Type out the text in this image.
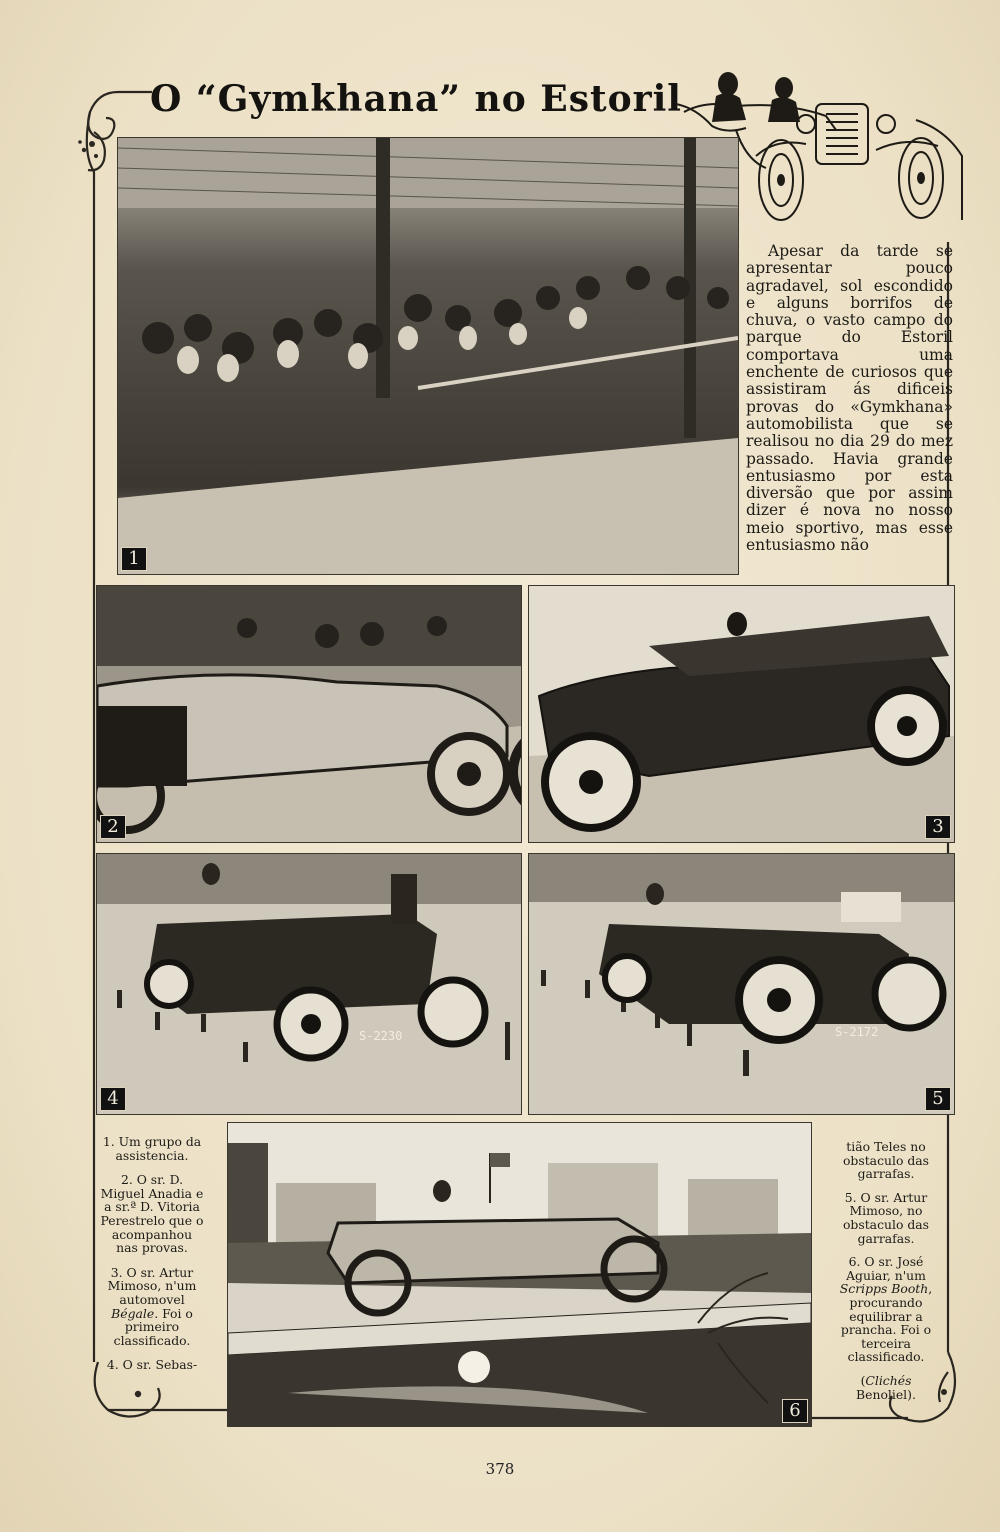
O “Gymkhana” no Estoril
1
Apesar da tarde se apresentar pouco agradavel, sol escondido e alguns borrifos de chuva, o vasto campo do parque do Estoril comportava uma enchente de curiosos que assistiram ás dificeis provas do «Gymkhana» automobilista que se realisou no dia 29 do mez passado. Havia grande entusiasmo por esta diversão que por assim dizer é nova no nosso meio sportivo, mas esse entusiasmo não
2	3
S-2230
4
S-2172
5
6

1. Um grupo da assistencia.

2. O sr. D. Miguel Anadia e a sr.ª D. Vitoria Perestrelo que o acompanhou nas provas.

3. O sr. Artur Mimoso, n'um automovel Bégale. Foi o primeiro classificado.

4. O sr. Sebas-

tião Teles no obstaculo das garrafas.

5. O sr. Artur Mimoso, no obstaculo das garrafas.

6. O sr. José Aguiar, n'um Scripps Booth, procurando equilibrar a prancha. Foi o terceira classificado.

(Clichés
Benoliel).

378
